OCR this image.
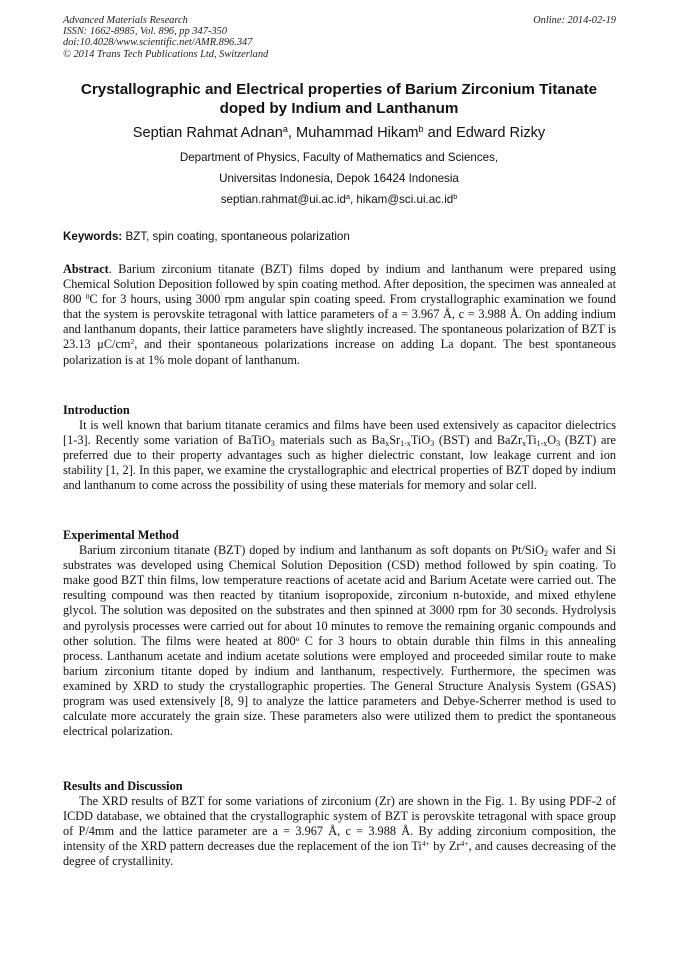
Advanced Materials Research
ISSN: 1662-8985, Vol. 896, pp 347-350
doi:10.4028/www.scientific.net/AMR.896.347
© 2014 Trans Tech Publications Ltd, Switzerland
Online: 2014-02-19
Crystallographic and Electrical properties of Barium Zirconium Titanate
doped by Indium and Lanthanum
Septian Rahmat Adnan$^a$, Muhammad Hikam$^b$ and Edward Rizky
Department of Physics, Faculty of Mathematics and Sciences,
Universitas Indonesia, Depok 16424 Indonesia
$septian.rahmat@ui.ac.id^a$, $hikam@sci.ui.ac.id^b$
Keywords: BZT, spin coating, spontaneous polarization

Abstract. Barium zirconium titanate (BZT) films doped by indium and lanthanum were prepared using Chemical Solution Deposition followed by spin coating method. After deposition, the specimen was annealed at 800 $^0$C for 3 hours, using 3000 rpm angular spin coating speed. From crystallographic examination we found that the system is perovskite tetragonal with lattice parameters of a = 3.967 Å, c = 3.988 Å. On adding indium and lanthanum dopants, their lattice parameters have slightly increased. The spontaneous polarization of BZT is 23.13 $\mu C/cm^2$, and their spontaneous polarizations increase on adding La dopant. The best spontaneous polarization is at 1% mole dopant of lanthanum.

Introduction

It is well known that barium titanate ceramics and films have been used extensively as capacitor dielectrics [1-3]. Recently some variation of BaTiO$_3$ materials such as $Ba_xSr_{1-x}TiO_3$ (BST) and $BaZr_xTi_{1-x}O_3$ (BZT) are preferred due to their property advantages such as higher dielectric constant, low leakage current and ion stability [1, 2]. In this paper, we examine the crystallographic and electrical properties of BZT doped by indium and lanthanum to come across the possibility of using these materials for memory and solar cell.

Experimental Method

Barium zirconium titanate (BZT) doped by indium and lanthanum as soft dopants on Pt/SiO$_2$ wafer and Si substrates was developed using Chemical Solution Deposition (CSD) method followed by spin coating. To make good BZT thin films, low temperature reactions of acetate acid and Barium Acetate were carried out. The resulting compound was then reacted by titanium isopropoxide, zirconium n-butoxide, and mixed ethylene glycol. The solution was deposited on the substrates and then spinned at 3000 rpm for 30 seconds. Hydrolysis and pyrolysis processes were carried out for about 10 minutes to remove the remaining organic compounds and other solution. The films were heated at 800$^o$ C for 3 hours to obtain durable thin films in this annealing process. Lanthanum acetate and indium acetate solutions were employed and proceeded similar route to make barium zirconium titante doped by indium and lanthanum, respectively. Furthermore, the specimen was examined by XRD to study the crystallographic properties. The General Structure Analysis System (GSAS) program was used extensively [8, 9] to analyze the lattice parameters and Debye-Scherrer method is used to calculate more accurately the grain size. These parameters also were utilized them to predict the spontaneous electrical polarization.

Results and Discussion

The XRD results of BZT for some variations of zirconium (Zr) are shown in the Fig. 1. By using PDF-2 of ICDD database, we obtained that the crystallographic system of BZT is perovskite tetragonal with space group of P/4mm and the lattice parameter are a = 3.967 Å, c = 3.988 Å. By adding zirconium composition, the intensity of the XRD pattern decreases due the replacement of the ion $Ti^{4+}$ by $Zr^{4+}$, and causes decreasing of the degree of crystallinity.
